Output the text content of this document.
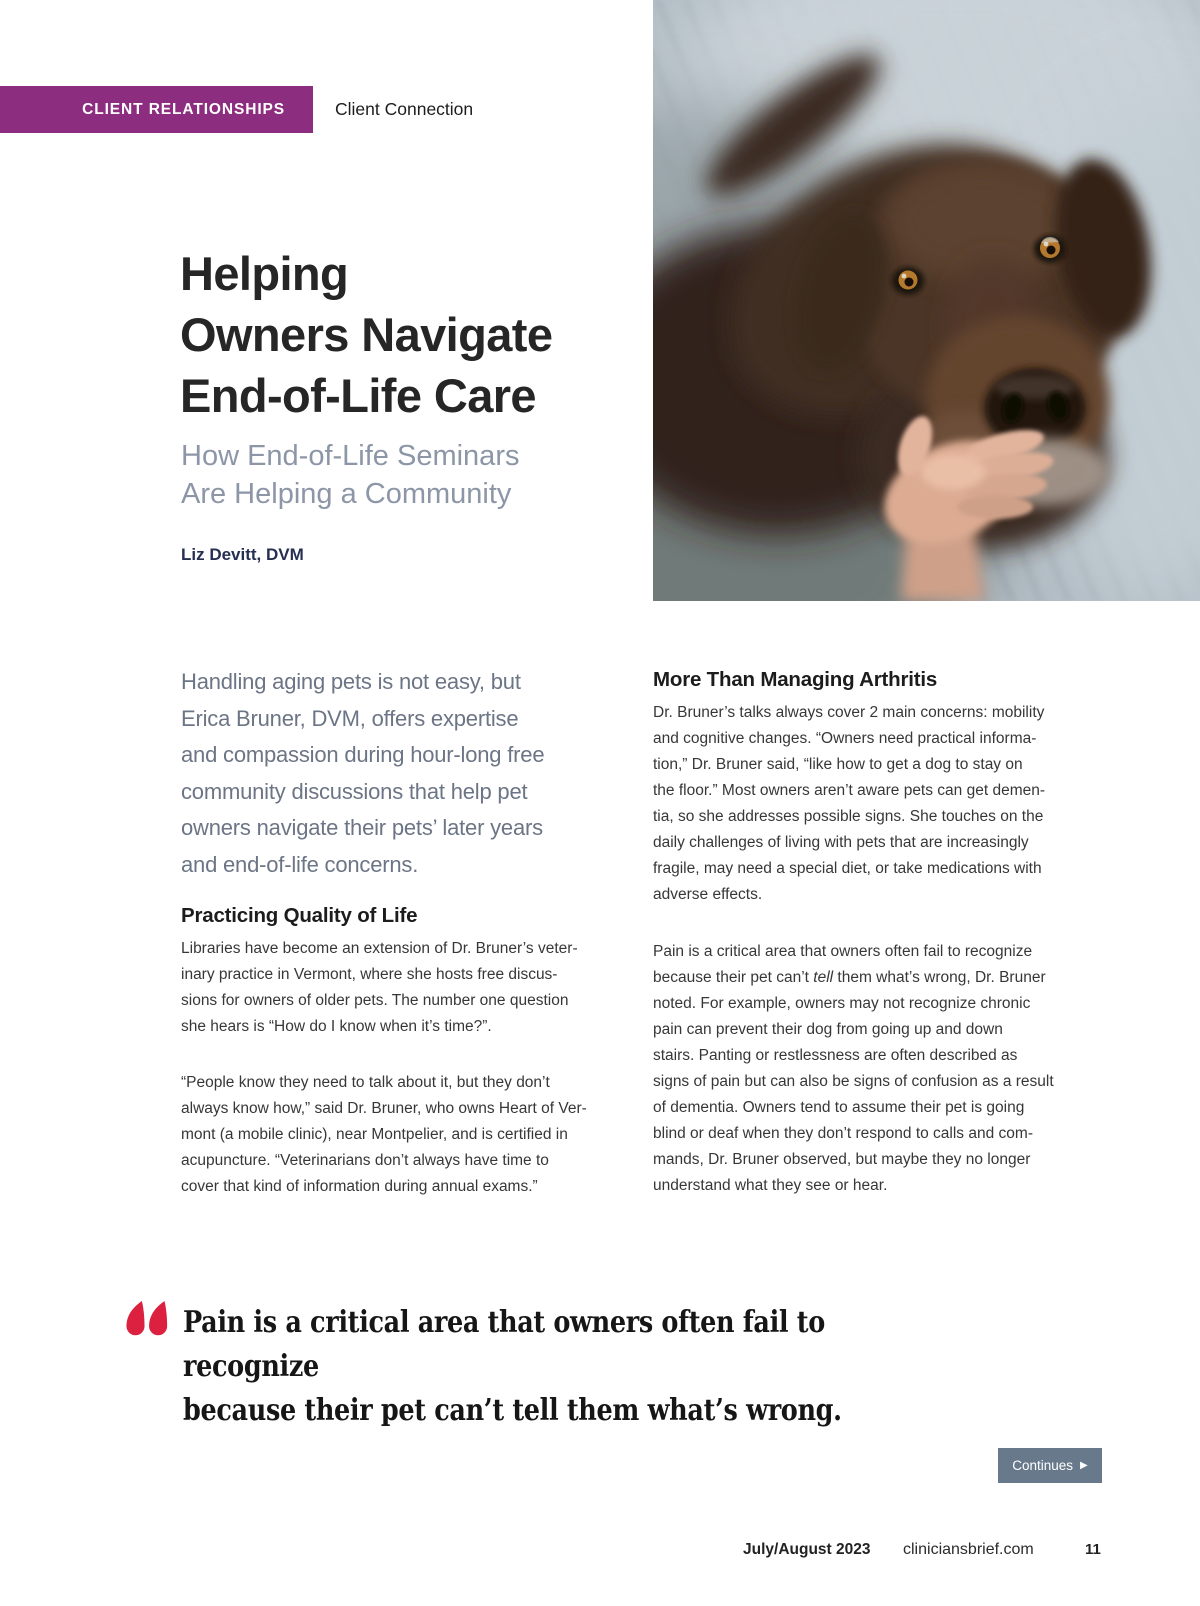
CLIENT RELATIONSHIPS	Client Connection
Helping
Owners Navigate
End-of-Life Care
How End-of-Life Seminars
Are Helping a Community
Liz Devitt, DVM
Handling aging pets is not easy, but
Erica Bruner, DVM, offers expertise
and compassion during hour-long free
community discussions that help pet
owners navigate their pets’ later years
and end-of-life concerns.
Practicing Quality of Life

Libraries have become an extension of Dr. Bruner’s veter-
inary practice in Vermont, where she hosts free discus-
sions for owners of older pets. The number one question
she hears is “How do I know when it’s time?”.

“People know they need to talk about it, but they don’t
always know how,” said Dr. Bruner, who owns Heart of Ver-
mont (a mobile clinic), near Montpelier, and is certified in
acupuncture. “Veterinarians don’t always have time to
cover that kind of information during annual exams.”

More Than Managing Arthritis

Dr. Bruner’s talks always cover 2 main concerns: mobility
and cognitive changes. “Owners need practical informa-
tion,” Dr. Bruner said, “like how to get a dog to stay on
the floor.” Most owners aren’t aware pets can get demen-
tia, so she addresses possible signs. She touches on the
daily challenges of living with pets that are increasingly
fragile, may need a special diet, or take medications with
adverse effects.

Pain is a critical area that owners often fail to recognize
because their pet can’t tell them what’s wrong, Dr. Bruner
noted. For example, owners may not recognize chronic
pain can prevent their dog from going up and down
stairs. Panting or restlessness are often described as
signs of pain but can also be signs of confusion as a result
of dementia. Owners tend to assume their pet is going
blind or deaf when they don’t respond to calls and com-
mands, Dr. Bruner observed, but maybe they no longer
understand what they see or hear.

Pain is a critical area that owners often fail to recognize
because their pet can’t tell them what’s wrong.
Continues ▶
July/August 2023 cliniciansbrief.com	11
